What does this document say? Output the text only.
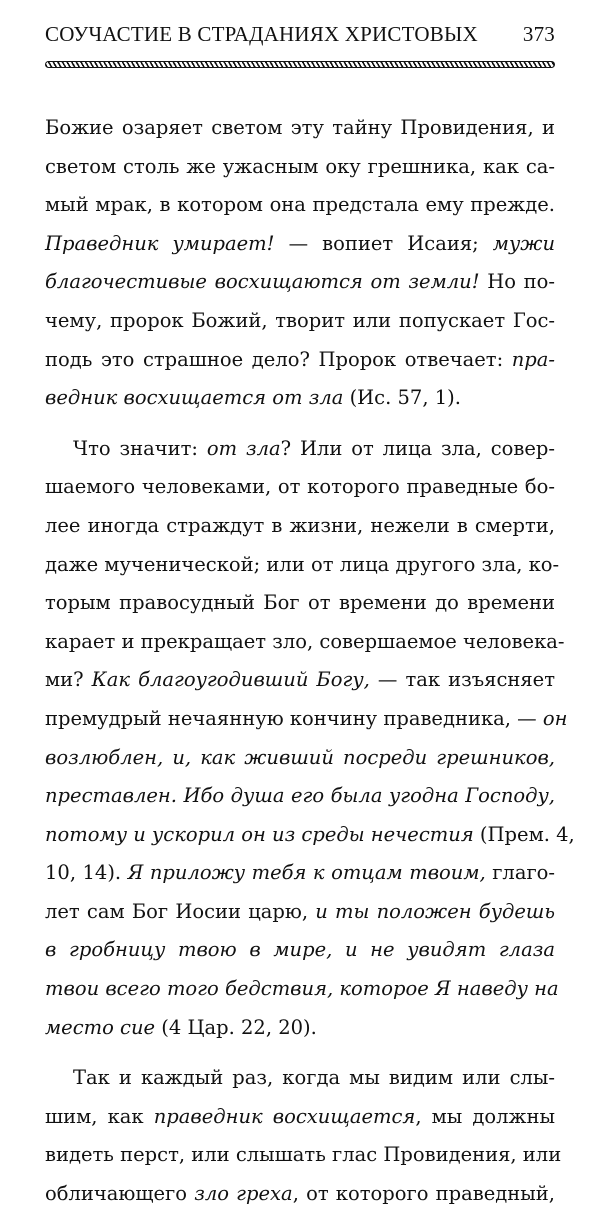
СОУЧАСТИЕ В СТРАДАНИЯХ ХРИСТОВЫХ 373
Божие озаряет светом эту тайну Провидения, и
светом столь же ужасным оку грешника, как са-
мый мрак, в котором она предстала ему прежде.
Праведник умирает! — вопиет Исаия; мужи
благочестивые восхищаются от земли! Но по-
чему, пророк Божий, творит или попускает Гос-
подь это страшное дело? Пророк отвечает: пра-
ведник восхищается от зла (Ис. 57, 1).
Что значит: от зла? Или от лица зла, совер-
шаемого человеками, от которого праведные бо-
лее иногда страждут в жизни, нежели в смерти,
даже мученической; или от лица другого зла, ко-
торым правосудный Бог от времени до времени
карает и прекращает зло, совершаемое человека-
ми? Как благоугодивший Богу, — так изъясняет
премудрый нечаянную кончину праведника, — он
возлюблен, и, как живший посреди грешников,
преставлен. Ибо душа его была угодна Господу,
потому и ускорил он из среды нечестия (Прем. 4,
10, 14). Я приложу тебя к отцам твоим, глаго-
лет сам Бог Иосии царю, и ты положен будешь
в гробницу твою в мире, и не увидят глаза
твои всего того бедствия, которое Я наведу на
место сие (4 Цар. 22, 20).
Так и каждый раз, когда мы видим или слы-
шим, как праведник восхищается, мы должны
видеть перст, или слышать глас Провидения, или
обличающего зло греха, от которого праведный,
